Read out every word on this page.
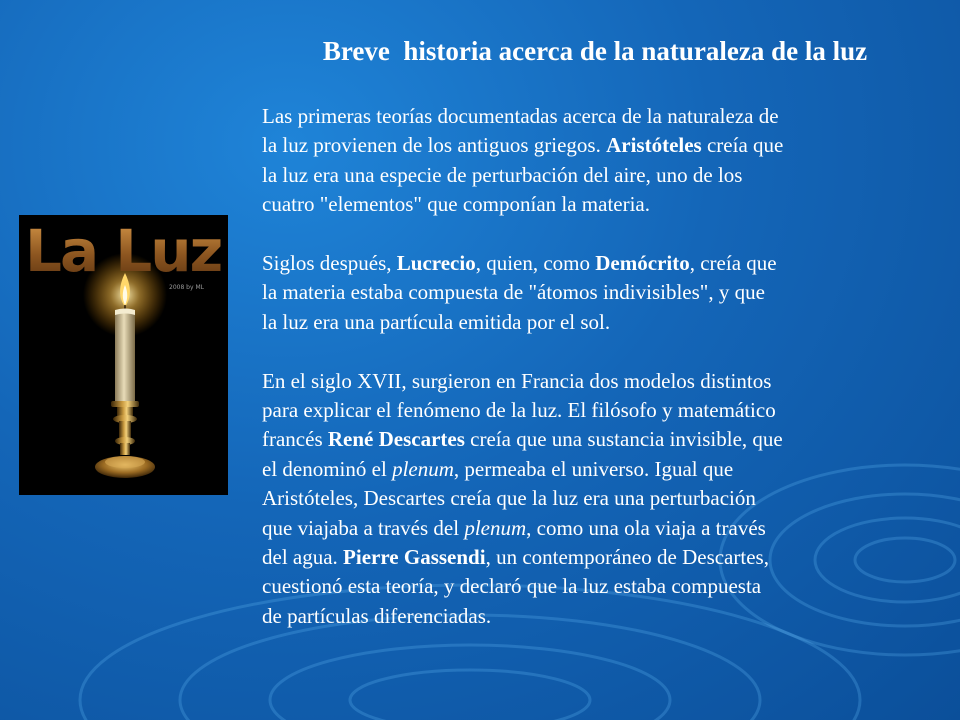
Breve  historia acerca de la naturaleza de la luz

Las primeras teorías documentadas acerca de la naturaleza de
la luz provienen de los antiguos griegos. Aristóteles creía que
la luz era una especie de perturbación del aire, uno de los
cuatro "elementos" que componían la materia.

Siglos después, Lucrecio, quien, como Demócrito, creía que
la materia estaba compuesta de "átomos indivisibles", y que
la luz era una partícula emitida por el sol.

En el siglo XVII, surgieron en Francia dos modelos distintos
para explicar el fenómeno de la luz. El filósofo y matemático
francés René Descartes creía que una sustancia invisible, que
el denominó el plenum, permeaba el universo. Igual que
Aristóteles, Descartes creía que la luz era una perturbación
que viajaba a través del plenum, como una ola viaja a través
del agua. Pierre Gassendi, un contemporáneo de Descartes,
cuestionó esta teoría, y declaró que la luz estaba compuesta
de partículas diferenciadas.

La Luz
2008 by ML
